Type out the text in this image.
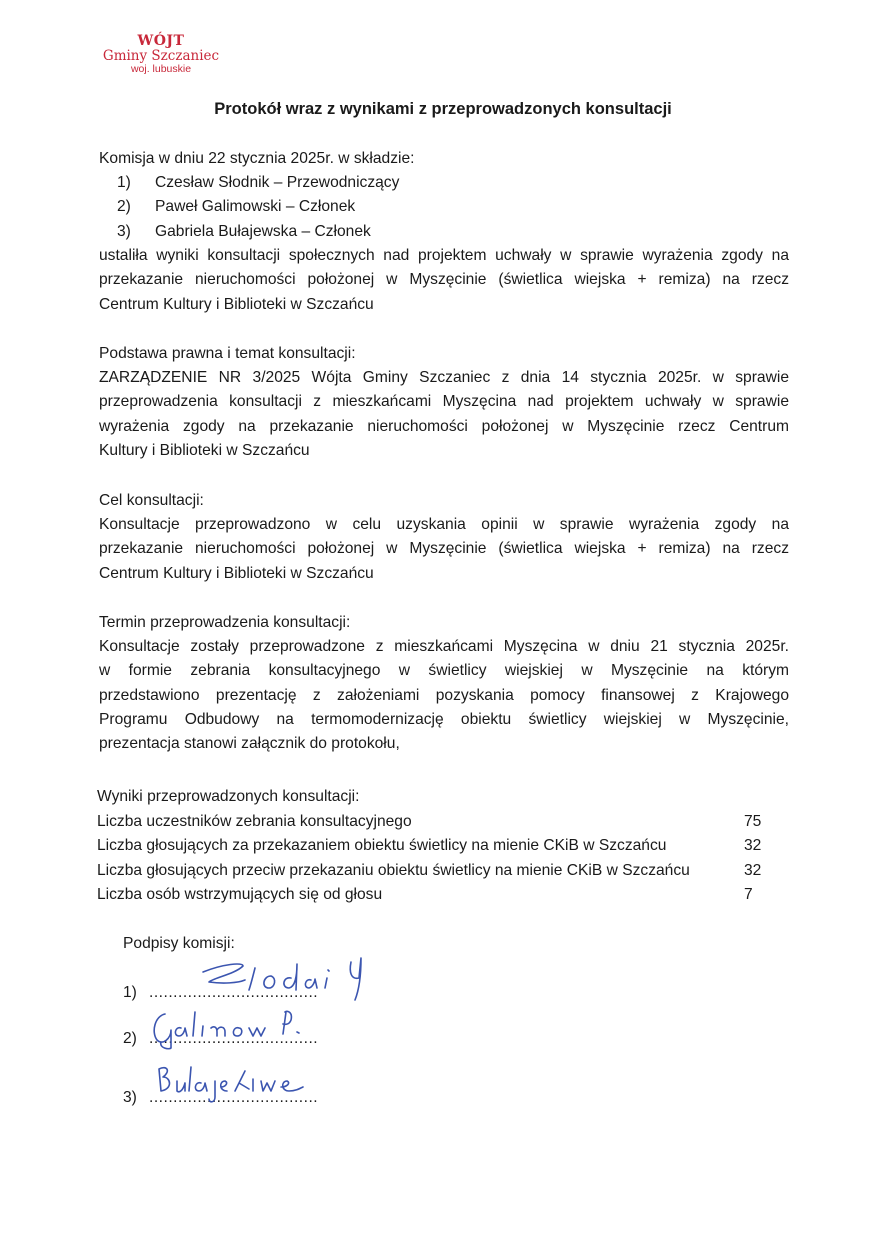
WÓJT
Gminy Szczaniec
woj. lubuskie
Protokół wraz z wynikami z przeprowadzonych konsultacji
Komisja w dniu 22 stycznia 2025r. w składzie:
1)	Czesław Słodnik – Przewodniczący
2)	Paweł Galimowski – Członek
3)	Gabriela Bułajewska – Członek
ustaliła wyniki konsultacji społecznych nad projektem uchwały w sprawie wyrażenia zgody na
przekazanie nieruchomości położonej w Myszęcinie (świetlica wiejska + remiza) na rzecz
Centrum Kultury i Biblioteki w Szczańcu
Podstawa prawna i temat konsultacji:
ZARZĄDZENIE NR 3/2025 Wójta Gminy Szczaniec z dnia 14 stycznia 2025r. w sprawie
przeprowadzenia konsultacji z mieszkańcami Myszęcina nad projektem uchwały w sprawie
wyrażenia zgody na przekazanie nieruchomości położonej w Myszęcinie rzecz Centrum
Kultury i Biblioteki w Szczańcu
Cel konsultacji:
Konsultacje przeprowadzono w celu uzyskania opinii w sprawie wyrażenia zgody na
przekazanie nieruchomości położonej w Myszęcinie (świetlica wiejska + remiza) na rzecz
Centrum Kultury i Biblioteki w Szczańcu
Termin przeprowadzenia konsultacji:
Konsultacje zostały przeprowadzone z mieszkańcami Myszęcina w dniu 21 stycznia 2025r.
w formie zebrania konsultacyjnego w świetlicy wiejskiej w Myszęcinie na którym
przedstawiono prezentację z założeniami pozyskania pomocy finansowej z Krajowego
Programu Odbudowy na termomodernizację obiektu świetlicy wiejskiej w Myszęcinie,
prezentacja stanowi załącznik do protokołu,
Wyniki przeprowadzonych konsultacji:
Liczba uczestników zebrania konsultacyjnego	75
Liczba głosujących za przekazaniem obiektu świetlicy na mienie CKiB w Szczańcu	32
Liczba głosujących przeciw przekazaniu obiektu świetlicy na mienie CKiB w Szczańcu	32
Liczba osób wstrzymujących się od głosu	7
Podpisy komisji:
1) ...................................
2) ...................................
3) ...................................
